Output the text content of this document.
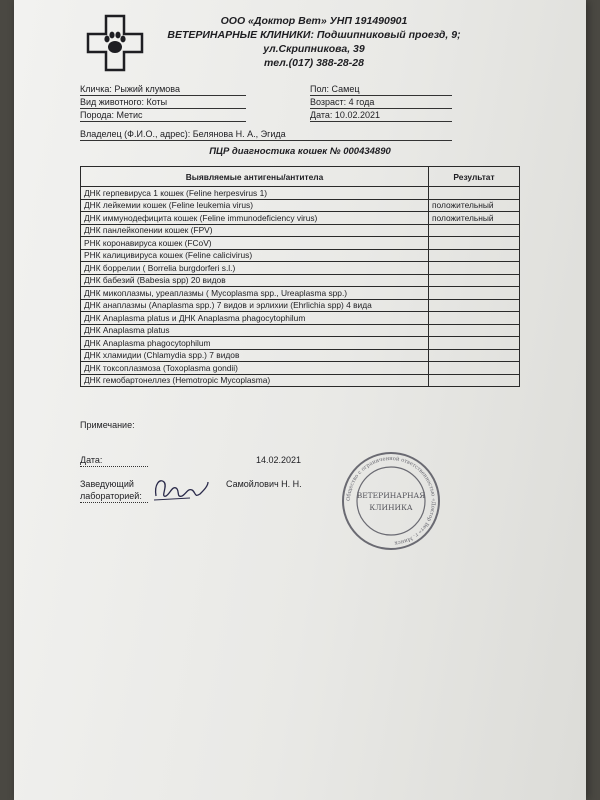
ООО «Доктор Вет» УНП 191490901
ВЕТЕРИНАРНЫЕ КЛИНИКИ: Подшипниковый проезд, 9;
ул.Скрипникова, 39
тел.(017) 388-28-28
Кличка: Рыжий клумова
Вид животного: Коты
Порода: Метис
Пол: Самец
Возраст: 4 года
Дата: 10.02.2021
Владелец (Ф.И.О., адрес): Белянова Н. А., Эгида
ПЦР диагностика кошек № 000434890
Выявляемые антигены/антитела	Результат
ДНК герпевируса 1 кошек (Feline herpesvirus 1)	
ДНК лейкемии кошек (Feline leukemia virus)	положительный
ДНК иммунодефицита кошек (Feline immunodeficiency virus)	положительный
ДНК панлейкопении кошек (FPV)	
РНК коронавируса кошек (FCoV)	
РНК калицивируса кошек (Feline calicivirus)	
ДНК боррелии ( Borrelia burgdorferi s.l.)	
ДНК бабезий (Babesia spp) 20 видов	
ДНК микоплазмы, уреаплазмы ( Mycoplasma spp., Ureaplasma spp.)	
ДНК анаплазмы (Anaplasma spp.) 7 видов и эрлихии (Ehrlichia spp) 4 вида	
ДНК Anaplasma platus и ДНК Anaplasma phagocytophilum	
ДНК Anaplasma platus	
ДНК Anaplasma phagocytophilum	
ДНК хламидии (Chlamydia spp.) 7 видов	
ДНК токсоплазмоза (Toxoplasma gondii)	
ДНК гемобартонеллез (Hemotropic Mycoplasma)	
Примечание:
Дата:	14.02.2021
Заведующий
лабораторией:
Самойлович Н. Н.
Общество с ограниченной ответственностью «Доктор Вет» г. Минск
ВЕТЕРИНАРНАЯ
КЛИНИКА
